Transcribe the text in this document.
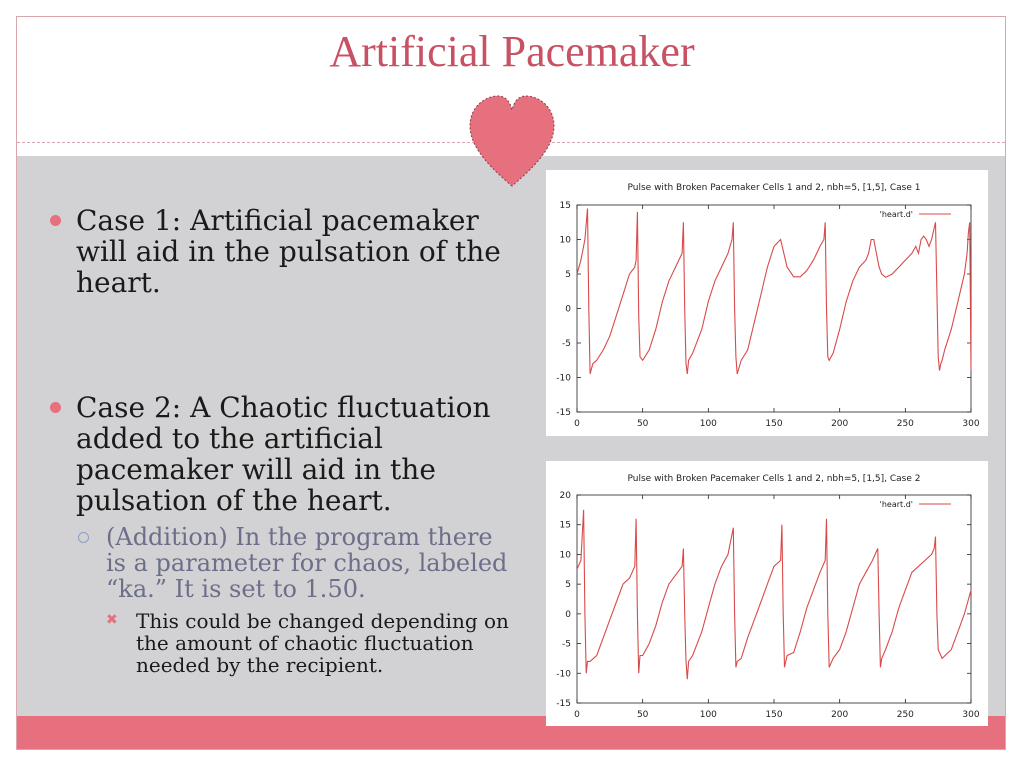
Artificial Pacemaker
Case 1: Artificial pacemaker will aid in the pulsation of the heart.
Case 2: A Chaotic fluctuation added to the artificial pacemaker will aid in the pulsation of the heart.
(Addition) In the program there is a parameter for chaos, labeled “ka.” It is set to 1.50.
✖ This could be changed depending on the amount of chaotic fluctuation needed by the recipient.
Pulse with Broken Pacemaker Cells 1 and 2, nbh=5, [1,5], Case 1
0	50	100	150	200	250	300
-15
-10
-5
0
5
10
15
'heart.d'
Pulse with Broken Pacemaker Cells 1 and 2, nbh=5, [1,5], Case 2
0	50	100	150	200	250	300
-15
-10
-5
0
5
10
15
20
'heart.d'
